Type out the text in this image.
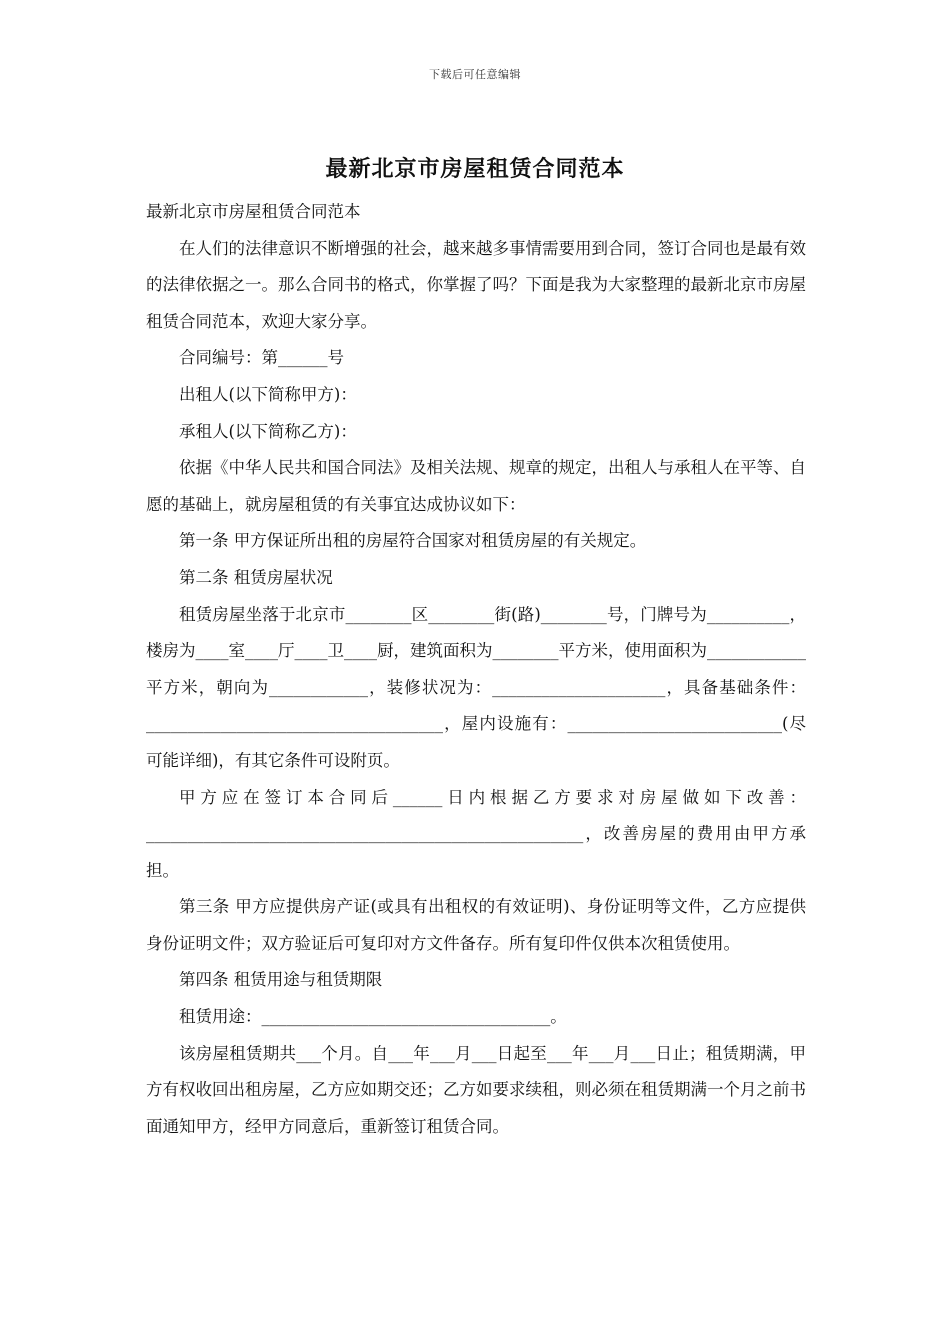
下载后可任意编辑
最新北京市房屋租赁合同范本

最新北京市房屋租赁合同范本

在人们的法律意识不断增强的社会，越来越多事情需要用到合同，签订合同也是最有效的法律依据之一。那么合同书的格式，你掌握了吗？下面是我为大家整理的最新北京市房屋租赁合同范本，欢迎大家分享。

合同编号：第______号

出租人(以下简称甲方)：

承租人(以下简称乙方)：

依据《中华人民共和国合同法》及相关法规、规章的规定，出租人与承租人在平等、自愿的基础上，就房屋租赁的有关事宜达成协议如下：

第一条 甲方保证所出租的房屋符合国家对租赁房屋的有关规定。

第二条 租赁房屋状况

租赁房屋坐落于北京市________区________街(路)________号，门牌号为__________，楼房为____室____厅____卫____厨，建筑面积为________平方米，使用面积为____________平方米，朝向为____________，装修状况为：_____________________，具备基础条件：____________________________________，屋内设施有：__________________________(尽可能详细)，有其它条件可设附页。

甲方应在签订本合同后______日内根据乙方要求对房屋做如下改善：_____________________________________________________，改善房屋的费用由甲方承担。

第三条 甲方应提供房产证(或具有出租权的有效证明)、身份证明等文件，乙方应提供身份证明文件；双方验证后可复印对方文件备存。所有复印件仅供本次租赁使用。

第四条 租赁用途与租赁期限

租赁用途：___________________________________。

该房屋租赁期共___个月。自___年___月___日起至___年___月___日止；租赁期满，甲方有权收回出租房屋，乙方应如期交还；乙方如要求续租，则必须在租赁期满一个月之前书面通知甲方，经甲方同意后，重新签订租赁合同。
